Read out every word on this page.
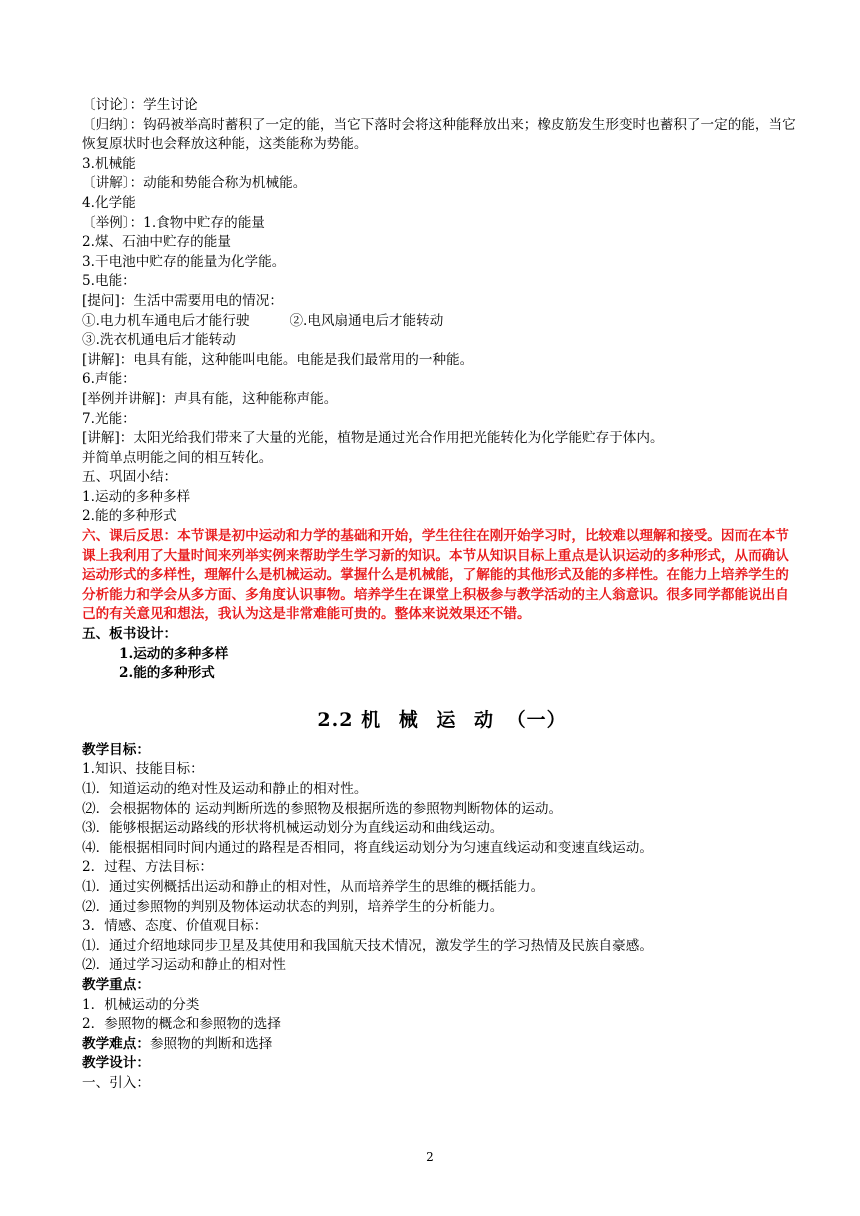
〔讨论〕：学生讨论
〔归纳〕：钩码被举高时蓄积了一定的能，当它下落时会将这种能释放出来；橡皮筋发生形变时也蓄积了一定的能，当它恢复原状时也会释放这种能，这类能称为势能。
3.机械能
〔讲解〕：动能和势能合称为机械能。
4.化学能
〔举例〕：1.食物中贮存的能量
2.煤、石油中贮存的能量
3.干电池中贮存的能量为化学能。
5.电能：
[提问]：生活中需要用电的情况：
①.电力机车通电后才能行驶	②.电风扇通电后才能转动
③.洗衣机通电后才能转动
[讲解]：电具有能，这种能叫电能。电能是我们最常用的一种能。
6.声能：
[举例并讲解]：声具有能，这种能称声能。
7.光能：
[讲解]：太阳光给我们带来了大量的光能，植物是通过光合作用把光能转化为化学能贮存于体内。
并简单点明能之间的相互转化。
五、巩固小结：
1.运动的多种多样
2.能的多种形式
六、课后反思：本节课是初中运动和力学的基础和开始，学生往往在刚开始学习时，比较难以理解和接受。因而在本节课上我利用了大量时间来列举实例来帮助学生学习新的知识。本节从知识目标上重点是认识运动的多种形式，从而确认运动形式的多样性，理解什么是机械运动。掌握什么是机械能，了解能的其他形式及能的多样性。在能力上培养学生的分析能力和学会从多方面、多角度认识事物。培养学生在课堂上积极参与教学活动的主人翁意识。很多同学都能说出自己的有关意见和想法，我认为这是非常难能可贵的。整体来说效果还不错。
五、板书设计：
1.运动的多种多样
2.能的多种形式
2.2 机 械 运 动 （一）
教学目标：
1.知识、技能目标：
⑴．知道运动的绝对性及运动和静止的相对性。
⑵．会根据物体的 运动判断所选的参照物及根据所选的参照物判断物体的运动。
⑶．能够根据运动路线的形状将机械运动划分为直线运动和曲线运动。
⑷．能根据相同时间内通过的路程是否相同，将直线运动划分为匀速直线运动和变速直线运动。
2．过程、方法目标：
⑴．通过实例概括出运动和静止的相对性，从而培养学生的思维的概括能力。
⑵．通过参照物的判别及物体运动状态的判别，培养学生的分析能力。
3．情感、态度、价值观目标：
⑴．通过介绍地球同步卫星及其使用和我国航天技术情况，激发学生的学习热情及民族自豪感。
⑵．通过学习运动和静止的相对性
教学重点：
1．机械运动的分类
2．参照物的概念和参照物的选择
教学难点：参照物的判断和选择
教学设计：
一、引入：
2
